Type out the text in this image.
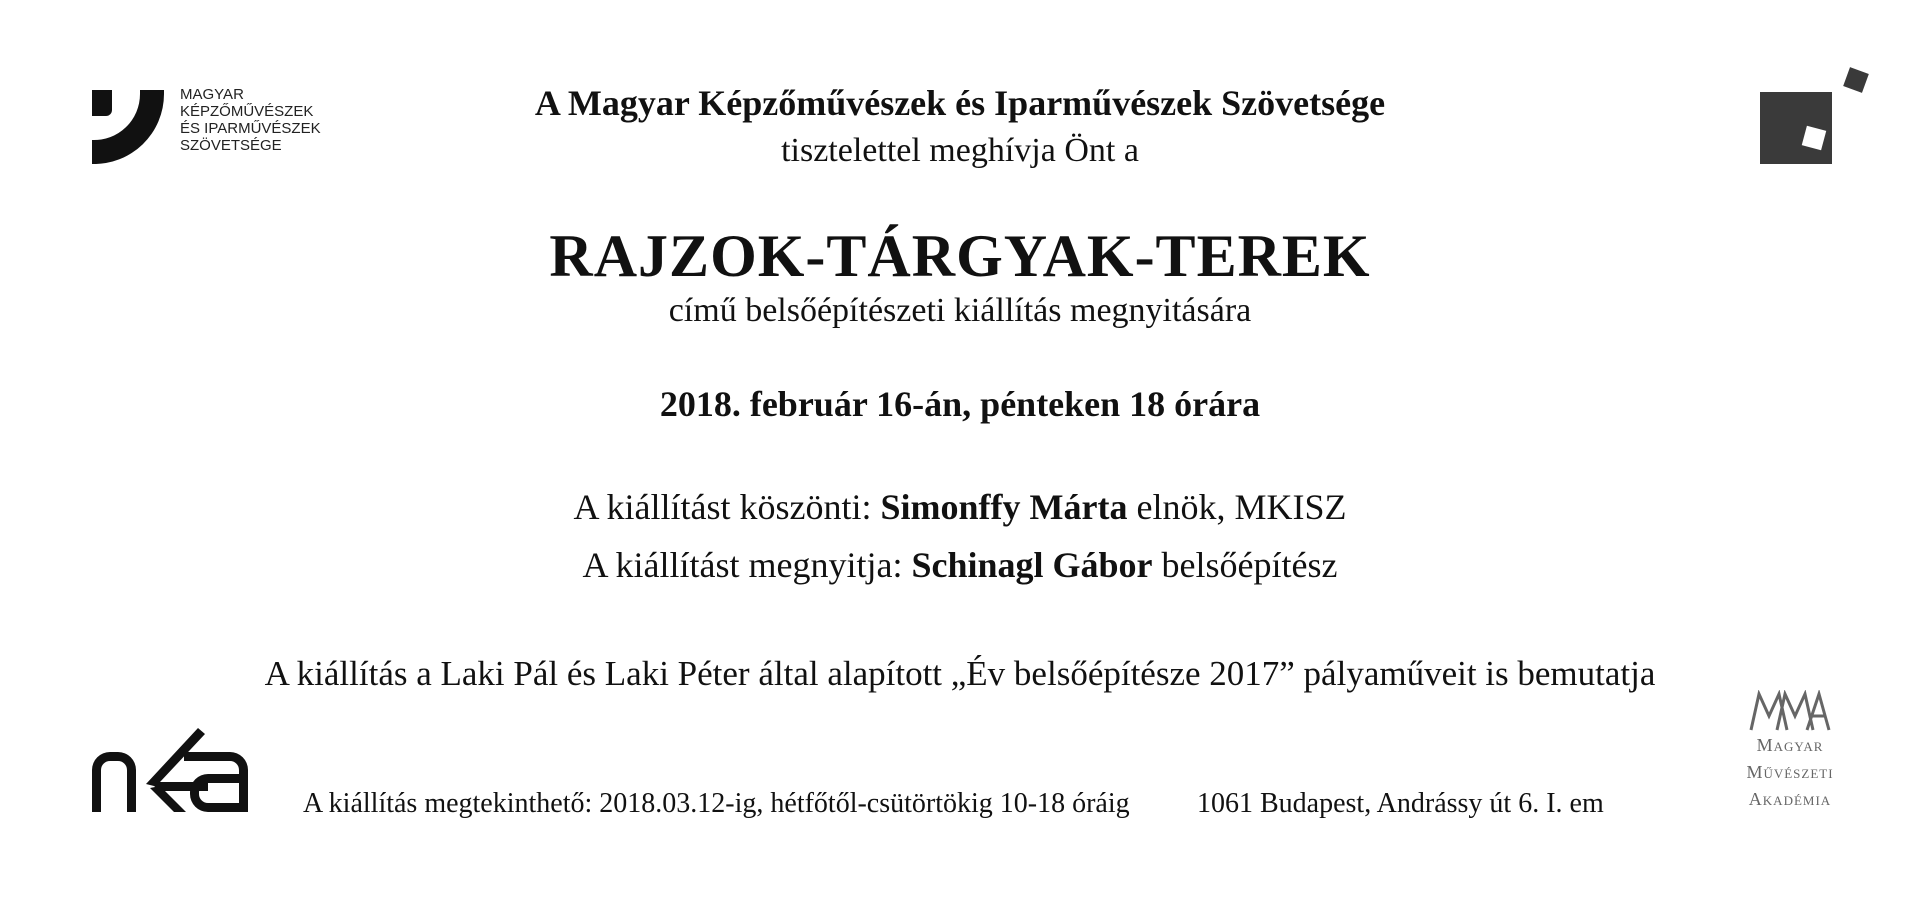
MAGYAR
KÉPZŐMŰVÉSZEK
ÉS IPARMŰVÉSZEK
SZÖVETSÉGE
A Magyar Képzőművészek és Iparművészek Szövetsége
tisztelettel meghívja Önt a
RAJZOK-TÁRGYAK-TEREK
című belsőépítészeti kiállítás megnyitására
2018. február 16-án, pénteken 18 órára
A kiállítást köszönti: Simonffy Márta elnök, MKISZ
A kiállítást megnyitja: Schinagl Gábor belsőépítész
A kiállítás a Laki Pál és Laki Péter által alapított „Év belsőépítésze 2017” pályaműveit is bemutatja
A kiállítás megtekinthető: 2018.03.12-ig, hétfőtől-csütörtökig 10-18 óráig 1061 Budapest, Andrássy út 6. I. em
Magyar
Művészeti
Akadémia
